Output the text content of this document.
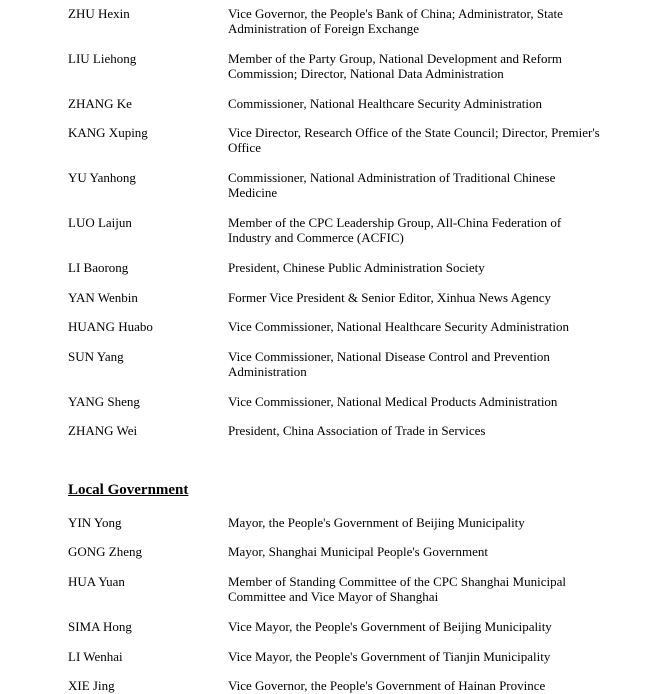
ZHU Hexin	Vice Governor, the People's Bank of China; Administrator, State Administration of Foreign Exchange
LIU Liehong	Member of the Party Group, National Development and Reform Commission; Director, National Data Administration
ZHANG Ke	Commissioner, National Healthcare Security Administration
KANG Xuping	Vice Director, Research Office of the State Council; Director, Premier's Office
YU Yanhong	Commissioner, National Administration of Traditional Chinese Medicine
LUO Laijun	Member of the CPC Leadership Group, All-China Federation of Industry and Commerce (ACFIC)
LI Baorong	President, Chinese Public Administration Society
YAN Wenbin	Former Vice President & Senior Editor, Xinhua News Agency
HUANG Huabo	Vice Commissioner, National Healthcare Security Administration
SUN Yang	Vice Commissioner, National Disease Control and Prevention Administration
YANG Sheng	Vice Commissioner, National Medical Products Administration
ZHANG Wei	President, China Association of Trade in Services
Local Government
YIN Yong	Mayor, the People's Government of Beijing Municipality
GONG Zheng	Mayor, Shanghai Municipal People's Government
HUA Yuan	Member of Standing Committee of the CPC Shanghai Municipal Committee and Vice Mayor of Shanghai
SIMA Hong	Vice Mayor, the People's Government of Beijing Municipality
LI Wenhai	Vice Mayor, the People's Government of Tianjin Municipality
XIE Jing	Vice Governor, the People's Government of Hainan Province
